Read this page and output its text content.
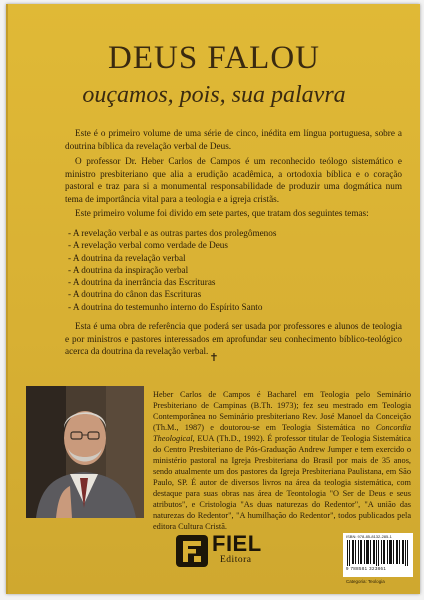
DEUS FALOU
ouçamos, pois, sua palavra

Este é o primeiro volume de uma série de cinco, inédita em língua portuguesa, sobre a doutrina bíblica da revelação verbal de Deus.

O professor Dr. Heber Carlos de Campos é um reconhecido teólogo sistemático e ministro presbiteriano que alia a erudição acadêmica, a ortodoxia bíblica e o coração pastoral e traz para si a monumental responsabilidade de produzir uma dogmática num tema de importância vital para a teologia e a igreja cristãs.

Este primeiro volume foi divido em sete partes, que tratam dos seguintes temas:

- A revelação verbal e as outras partes dos prolegômenos
- A revelação verbal como verdade de Deus
- A doutrina da revelação verbal
- A doutrina da inspiração verbal
- A doutrina da inerrância das Escrituras
- A doutrina do cânon das Escrituras
- A doutrina do testemunho interno do Espírito Santo

Esta é uma obra de referência que poderá ser usada por professores e alunos de teologia e por ministros e pastores interessados em aprofundar seu conhecimento bíblico-teológico acerca da doutrina da revelação verbal.

✝

Heber Carlos de Campos é Bacharel em Teologia pelo Seminário Presbiteriano de Campinas (B.Th. 1973); fez seu mestrado em Teologia Contemporânea no Seminário presbiteriano Rev. José Manoel da Conceição (Th.M., 1987) e doutorou-se em Teologia Sistemática no Concordia Theological, EUA (Th.D., 1992). É professor titular de Teologia Sistemática do Centro Presbiteriano de Pós-Graduação Andrew Jumper e tem exercido o ministério pastoral na Igreja Presbiteriana do Brasil por mais de 35 anos, sendo atualmente um dos pastores da Igreja Presbiteriana Paulistana, em São Paulo, SP. É autor de diversos livros na área da teologia sistemática, com destaque para suas obras nas área de Teontologia "O Ser de Deus e seus atributos", e Cristologia "As duas naturezas do Redentor", "A união das naturezas do Redentor", "A humilhação do Redentor", todos publicados pela editora Cultura Cristã.

FIEL
Editora
ISBN: 978-85-8132-285-1
9 788581 323861
Categoria: Teologia
